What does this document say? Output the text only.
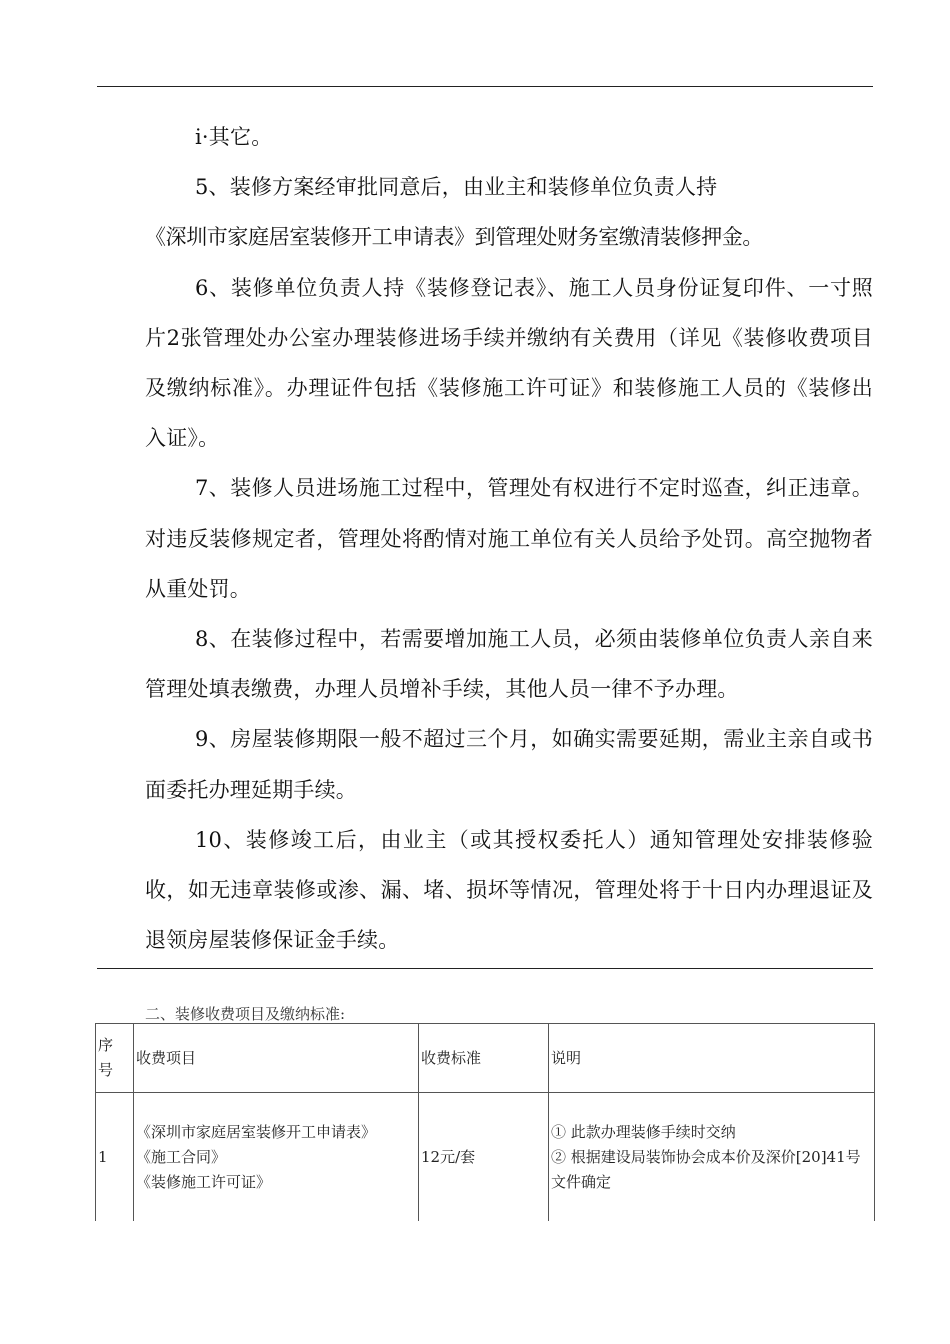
i·其它。

5、装修方案经审批同意后，由业主和装修单位负责人持

《深圳市家庭居室装修开工申请表》到管理处财务室缴清装修押金。

6、装修单位负责人持《装修登记表》、施工人员身份证复印件、一寸照片2张管理处办公室办理装修进场手续并缴纳有关费用（详见《装修收费项目及缴纳标准》。办理证件包括《装修施工许可证》和装修施工人员的《装修出入证》。

7、装修人员进场施工过程中，管理处有权进行不定时巡查，纠正违章。对违反装修规定者，管理处将酌情对施工单位有关人员给予处罚。高空抛物者从重处罚。

8、在装修过程中，若需要增加施工人员，必须由装修单位负责人亲自来管理处填表缴费，办理人员增补手续，其他人员一律不予办理。

9、房屋装修期限一般不超过三个月，如确实需要延期，需业主亲自或书面委托办理延期手续。

10、装修竣工后，由业主（或其授权委托人）通知管理处安排装修验收，如无违章装修或渗、漏、堵、损坏等情况，管理处将于十日内办理退证及退领房屋装修保证金手续。

二、装修收费项目及缴纳标准:
序
号	收费项目	收费标准	说明
1	《深圳市家庭居室装修开工申请表》
《施工合同》
《装修施工许可证》	12元/套	① 此款办理装修手续时交纳
② 根据建设局装饰协会成本价及深价[20]41号文件确定
